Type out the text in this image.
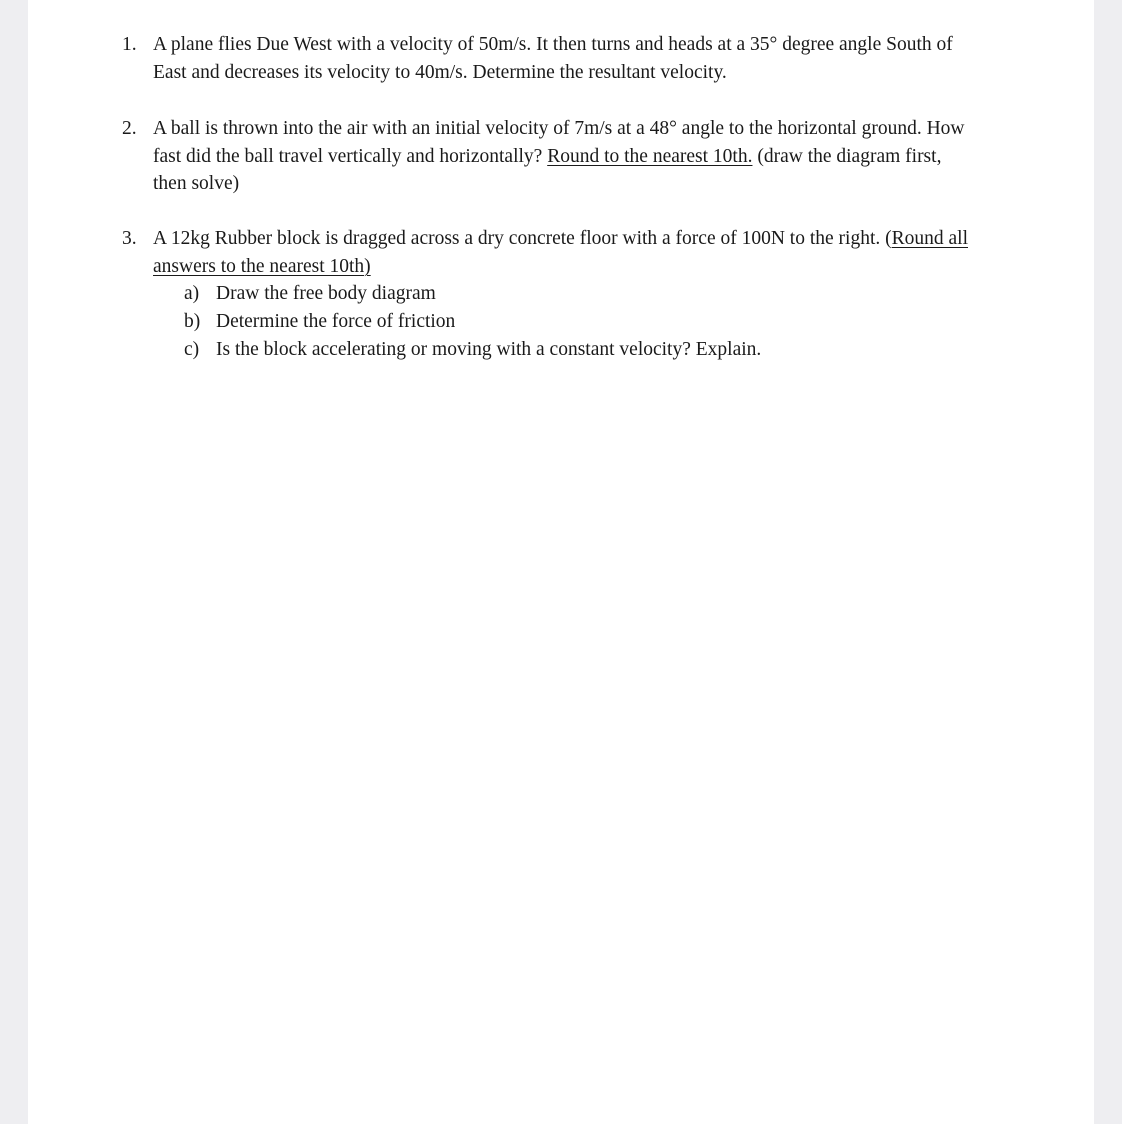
1. A plane flies Due West with a velocity of 50m/s. It then turns and heads at a 35° degree angle South of
East and decreases its velocity to 40m/s. Determine the resultant velocity.
2. A ball is thrown into the air with an initial velocity of 7m/s at a 48° angle to the horizontal ground. How
fast did the ball travel vertically and horizontally? Round to the nearest 10th. (draw the diagram first,
then solve)
3. A 12kg Rubber block is dragged across a dry concrete floor with a force of 100N to the right. (Round all
answers to the nearest 10th)
a) Draw the free body diagram
b) Determine the force of friction
c) Is the block accelerating or moving with a constant velocity? Explain.
